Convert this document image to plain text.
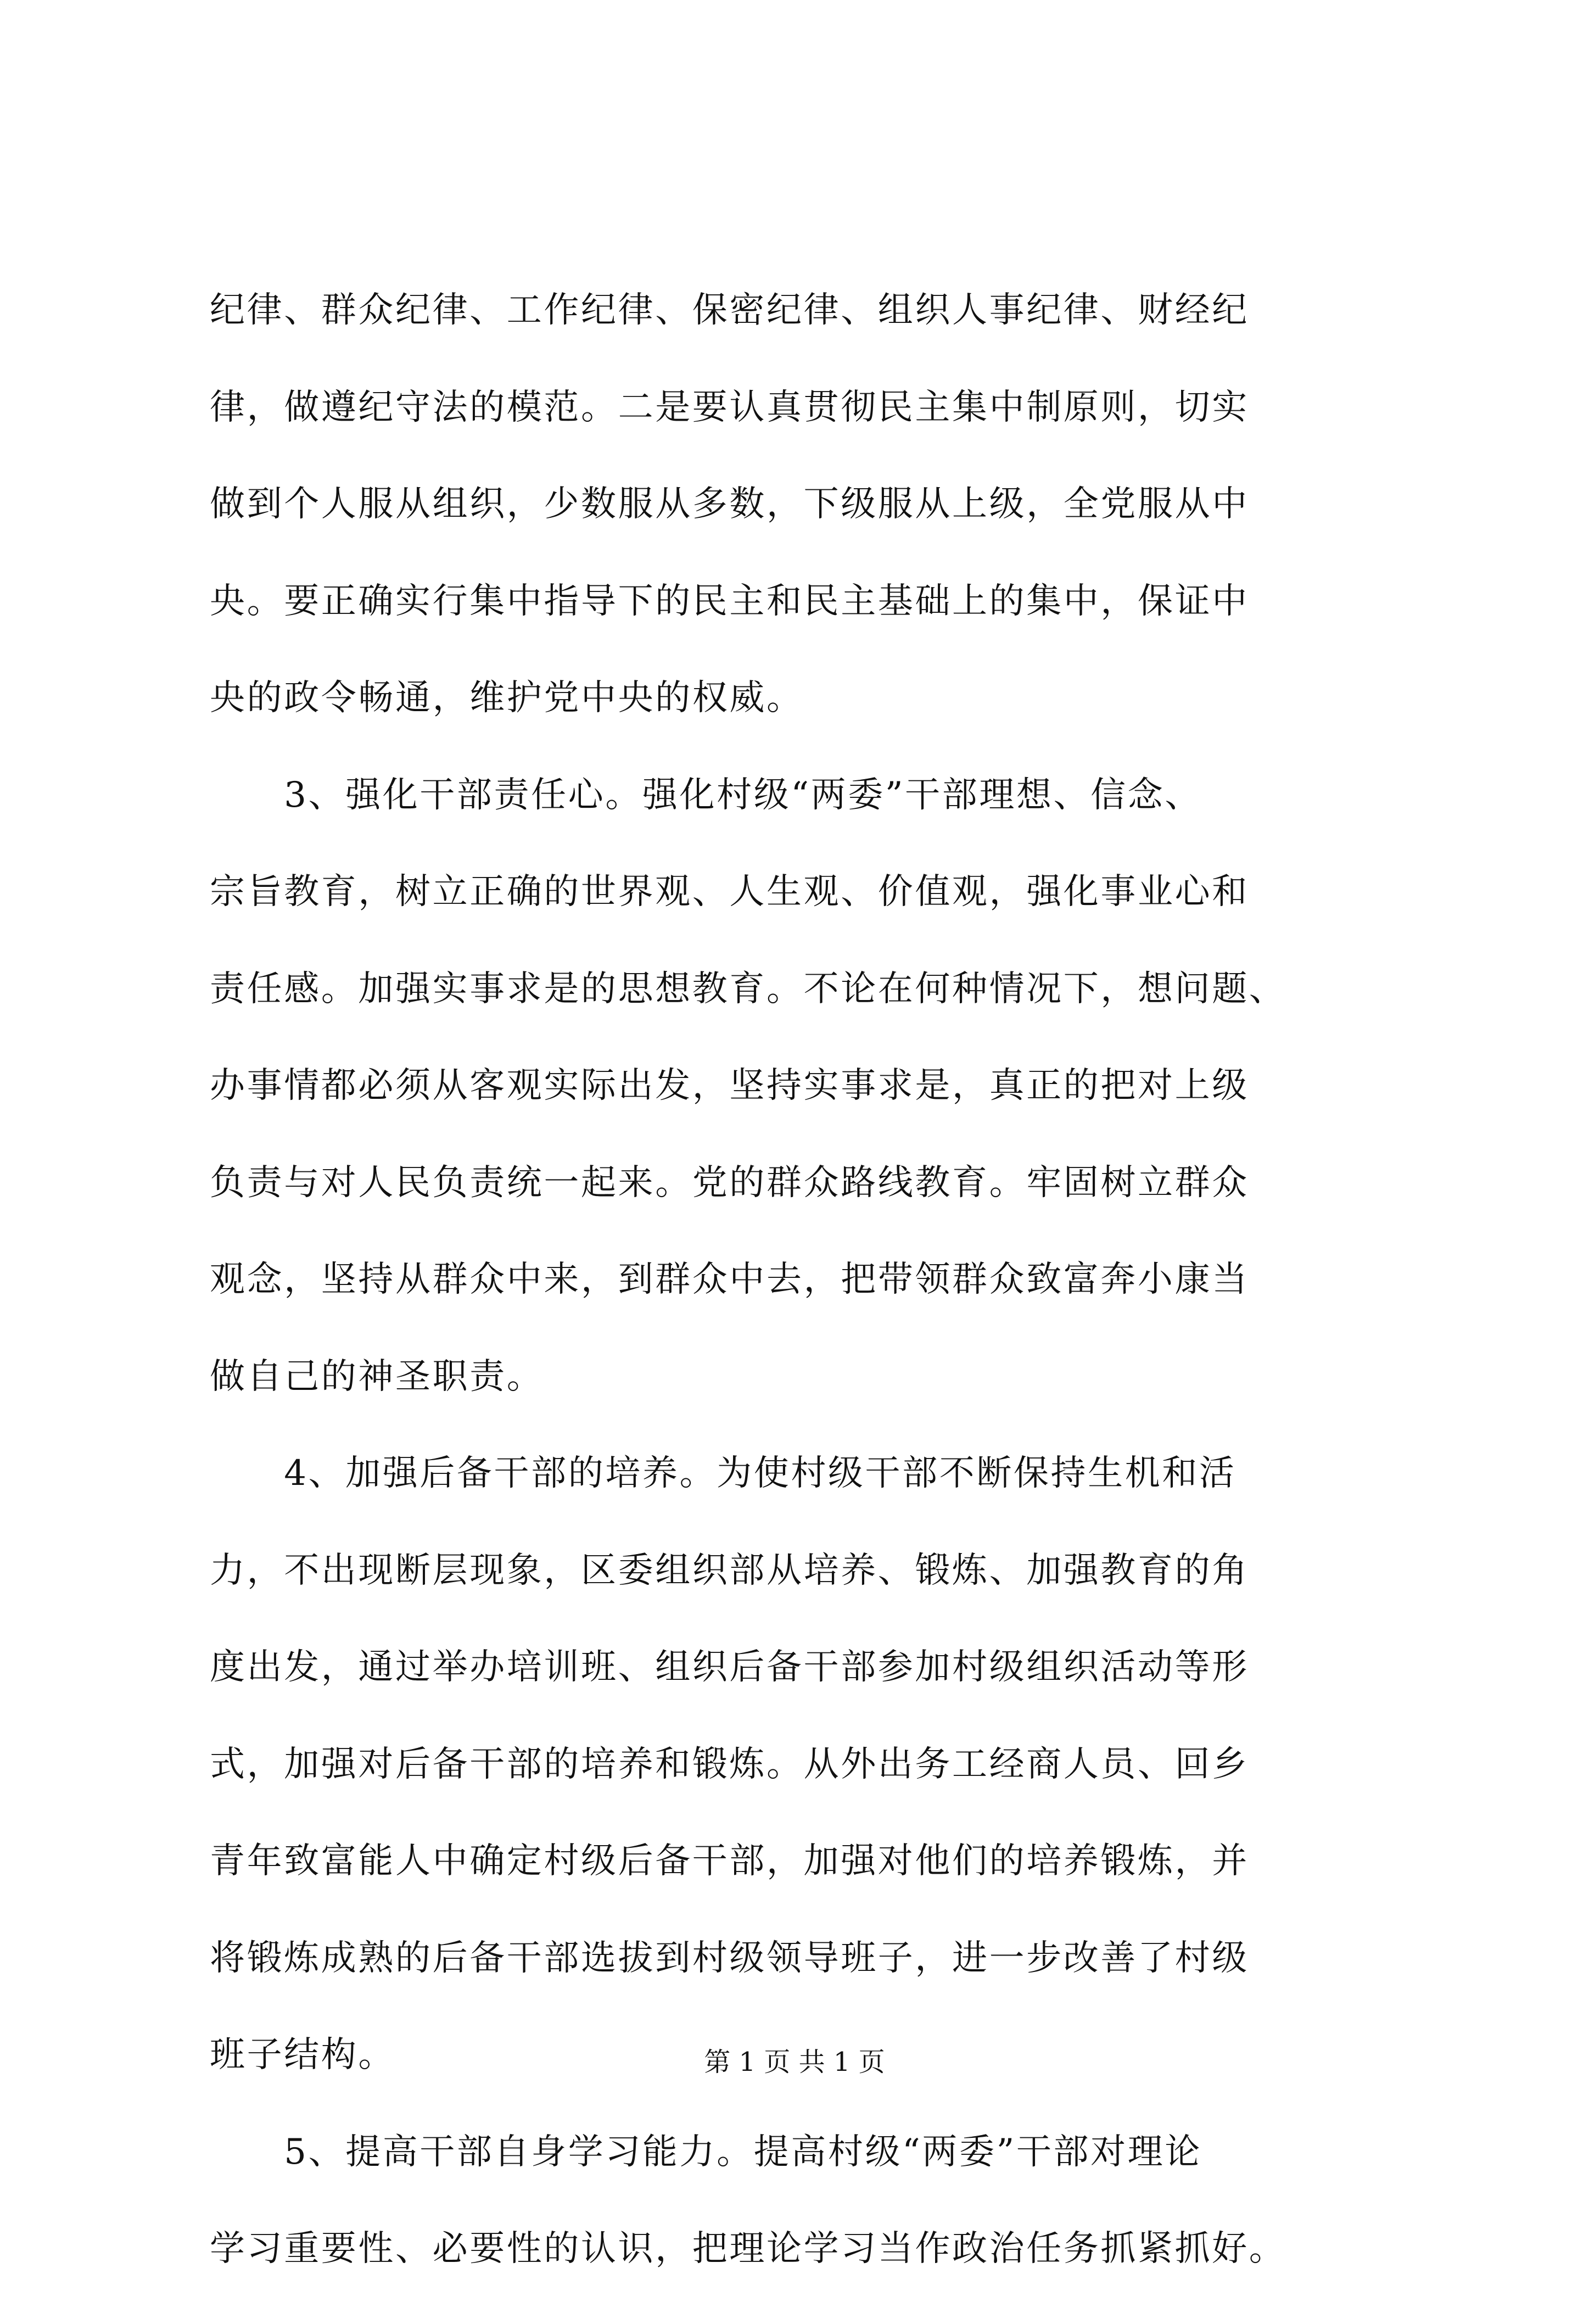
纪律、群众纪律、工作纪律、保密纪律、组织人事纪律、财经纪
律，做遵纪守法的模范。二是要认真贯彻民主集中制原则，切实
做到个人服从组织，少数服从多数，下级服从上级，全党服从中
央。要正确实行集中指导下的民主和民主基础上的集中，保证中
央的政令畅通，维护党中央的权威。
　　3、强化干部责任心。强化村级“两委”干部理想、信念、
宗旨教育，树立正确的世界观、人生观、价值观，强化事业心和
责任感。加强实事求是的思想教育。不论在何种情况下，想问题、
办事情都必须从客观实际出发，坚持实事求是，真正的把对上级
负责与对人民负责统一起来。党的群众路线教育。牢固树立群众
观念，坚持从群众中来，到群众中去，把带领群众致富奔小康当
做自己的神圣职责。
　　4、加强后备干部的培养。为使村级干部不断保持生机和活
力，不出现断层现象，区委组织部从培养、锻炼、加强教育的角
度出发，通过举办培训班、组织后备干部参加村级组织活动等形
式，加强对后备干部的培养和锻炼。从外出务工经商人员、回乡
青年致富能人中确定村级后备干部，加强对他们的培养锻炼，并
将锻炼成熟的后备干部选拔到村级领导班子，进一步改善了村级
班子结构。
　　5、提高干部自身学习能力。提高村级“两委”干部对理论
学习重要性、必要性的认识，把理论学习当作政治任务抓紧抓好。
第 1 页 共 1 页
